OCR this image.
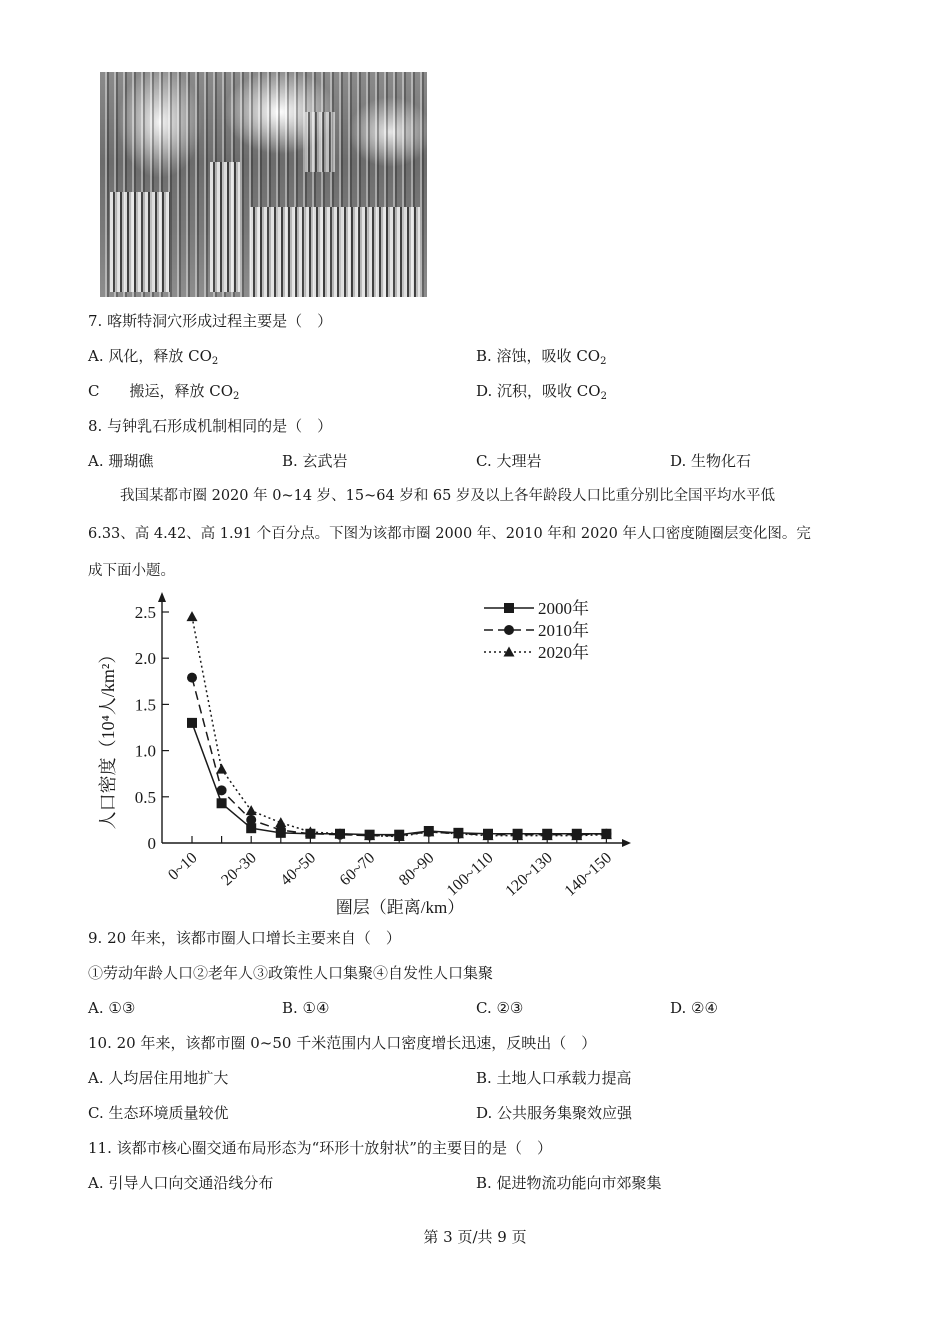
7. 喀斯特洞穴形成过程主要是（　）
A. 风化，释放 $CO_2$	B. 溶蚀，吸收 $CO_2$
C　　搬运，释放 $CO_2$	D. 沉积，吸收 $CO_2$
8. 与钟乳石形成机制相同的是（　）
A. 珊瑚礁	B. 玄武岩	C. 大理岩	D. 生物化石
我国某都市圈 2020 年 0~14 岁、15~64 岁和 65 岁及以上各年龄段人口比重分别比全国平均水平低
6.33、高 4.42、高 1.91 个百分点。下图为该都市圈 2000 年、2010 年和 2020 年人口密度随圈层变化图。完
成下面小题。
0
0.5
1.0
1.5
2.0
2.5
0~10 20~30 40~50 60~70 80~90 100~110 120~130 140~150
人口密度（10⁴人/km²）
圈层（距离/km）
2000年
2010年
2020年
9. 20 年来，该都市圈人口增长主要来自（　）
①劳动年龄人口②老年人③政策性人口集聚④自发性人口集聚
A. ①③	B. ①④	C. ②③	D. ②④
10. 20 年来，该都市圈 0~50 千米范围内人口密度增长迅速，反映出（　）
A. 人均居住用地扩大	B. 土地人口承载力提高
C. 生态环境质量较优	D. 公共服务集聚效应强
11. 该都市核心圈交通布局形态为“环形十放射状”的主要目的是（　）
A. 引导人口向交通沿线分布	B. 促进物流功能向市郊聚集
第 3 页/共 9 页
